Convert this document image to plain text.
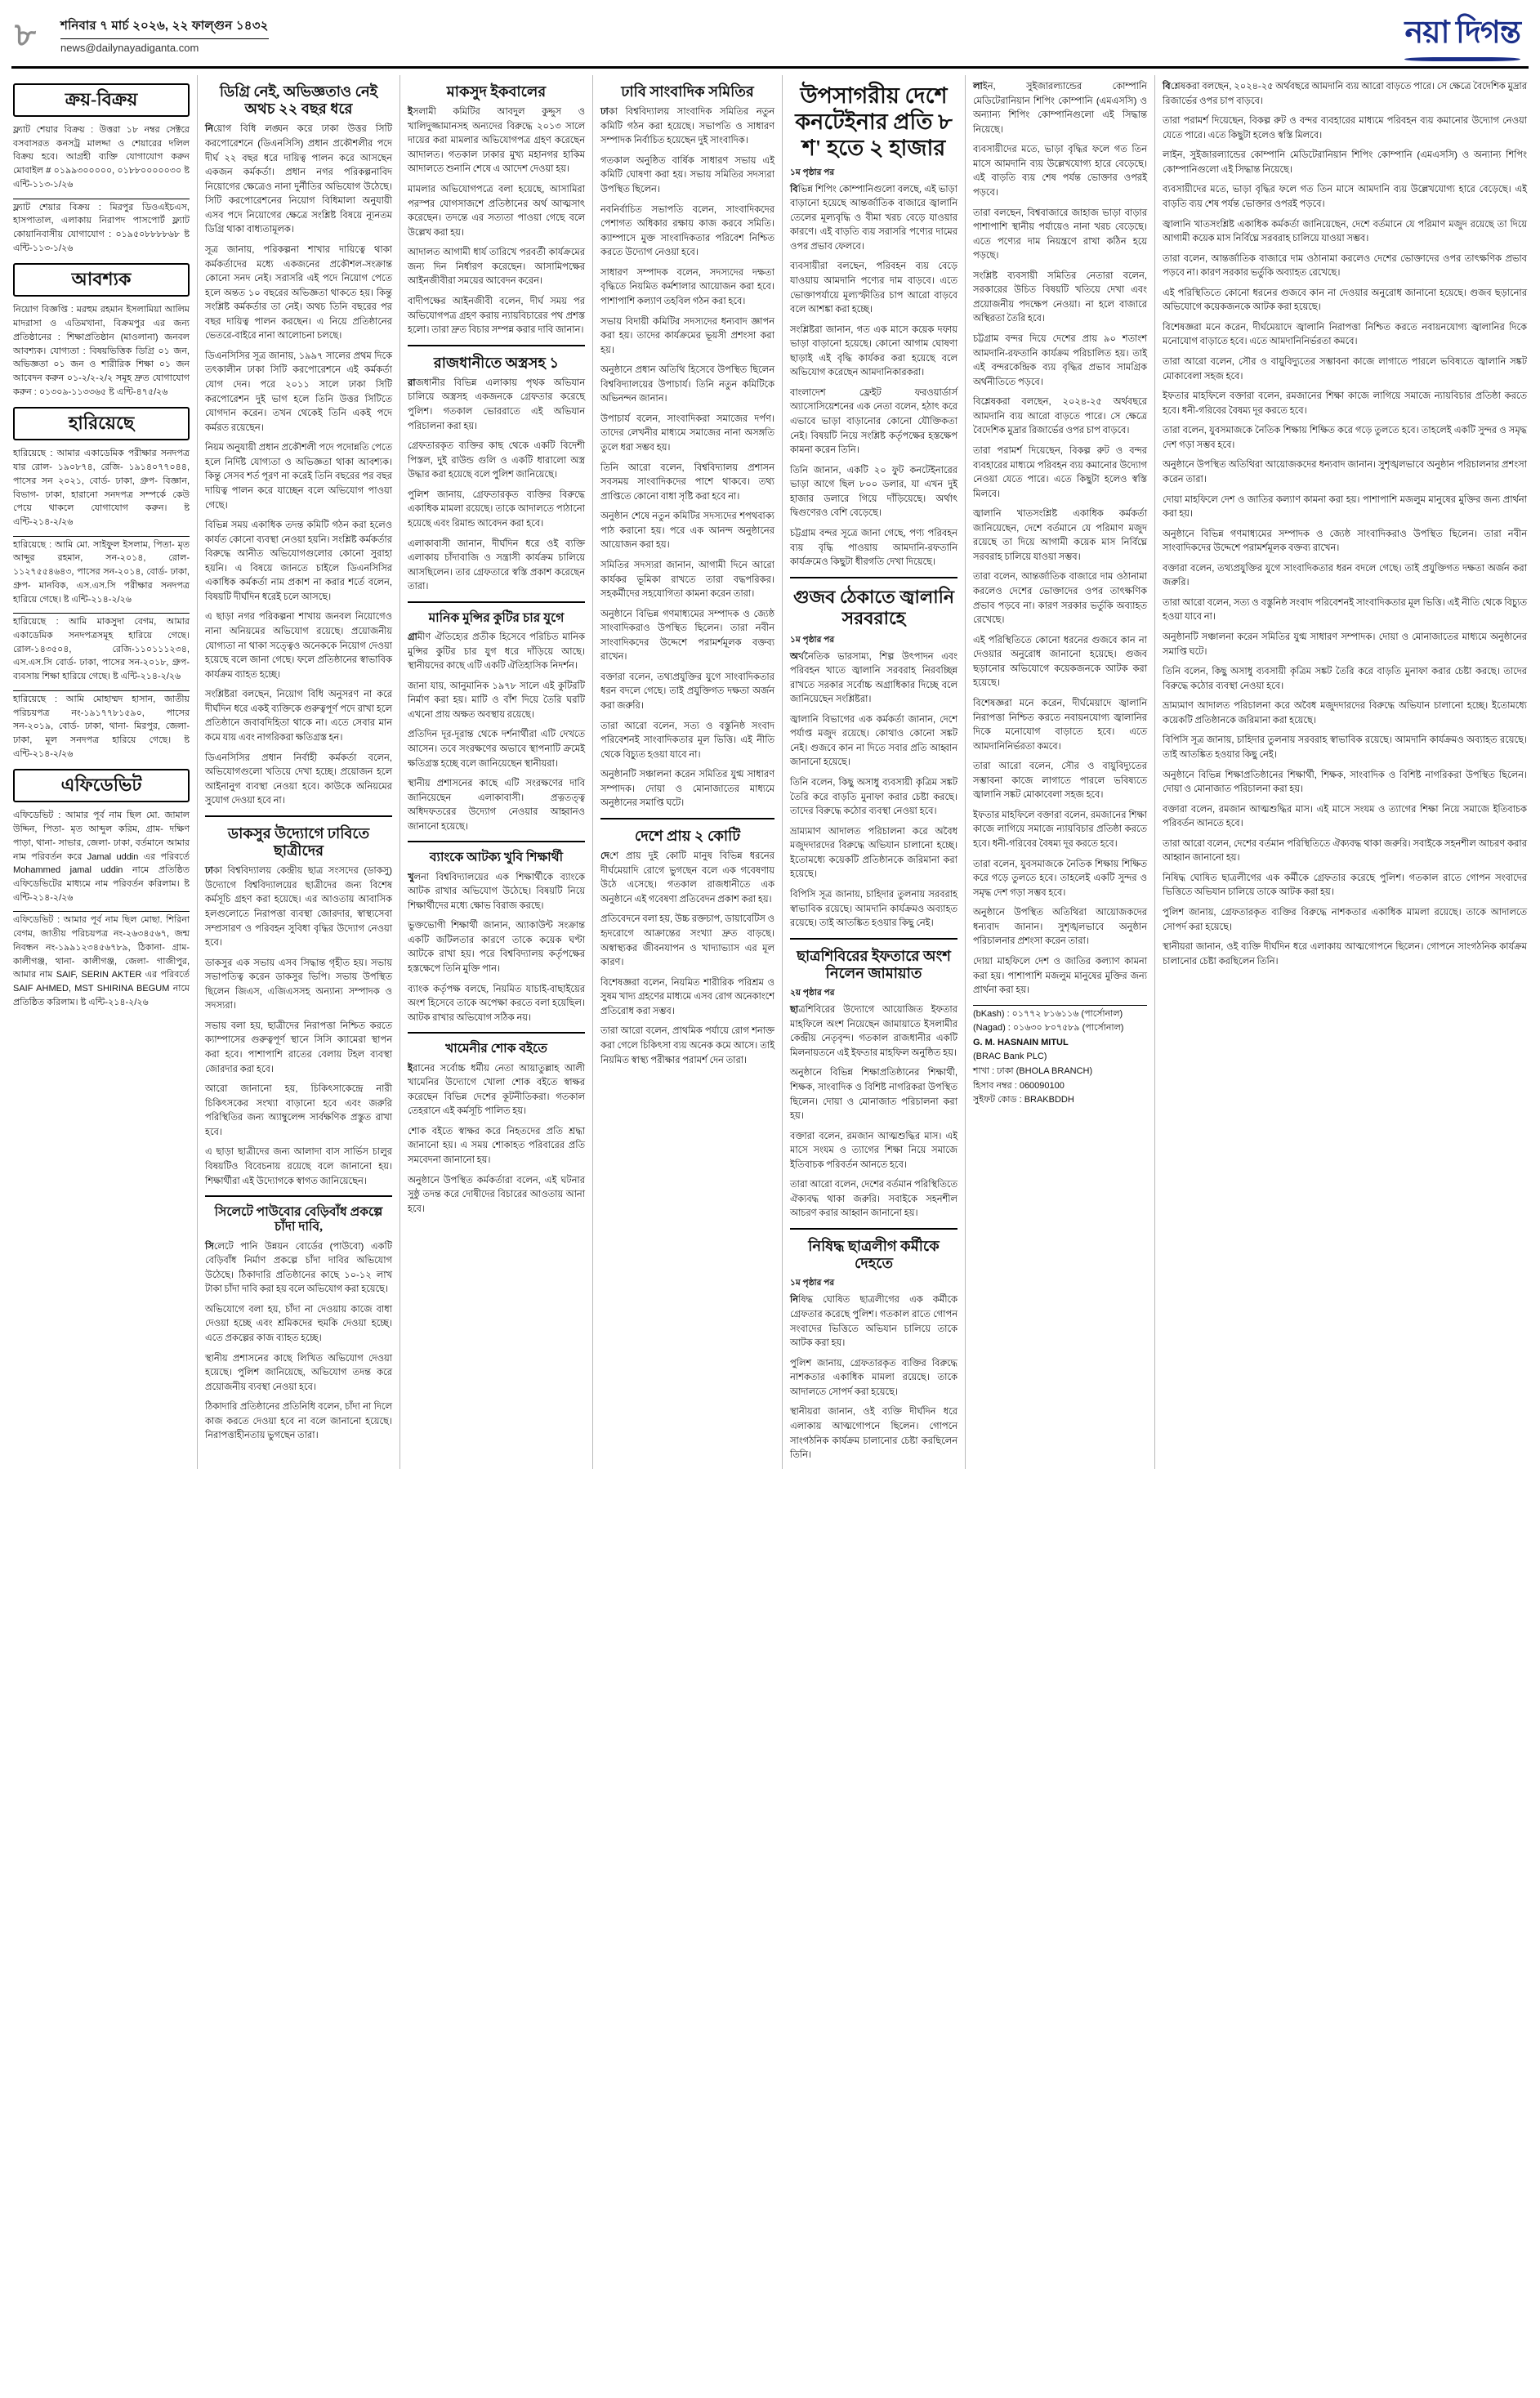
৮	শনিবার ৭ মার্চ ২০২৬, ২২ ফাল্গুন ১৪৩২
news@dailynayadiganta.com	নয়া দিগন্ত
ক্রয়-বিক্রয়
ফ্ল্যাট শেয়ার বিক্রয় : উত্তরা ১৮ নম্বর সেক্টরে বসবাসরত কনসট্র মালদ্দা ও শেয়ারের দলিল বিক্রয় হবে। আগ্রহী ব্যক্তি যোগাযোগ করুন মোবাইল # ০১৯৯৩০০০০০, ০১৮৮০০০০০৩০ ষ্ট এন্টি-১১৩-১/২৬
ফ্ল্যাট শেয়ার বিক্রয় : মিরপুর ডিওএইচএস, হাসপাতাল, এলাকায় নিরাপদ পাসপোর্ট ফ্ল্যাট কোয়ানিবাসীয় যোগাযোগ : ০১৯৫০৮৮৮৮৬৮ ষ্ট এন্টি-১১৩-১/২৬
আবশ্যক
নিয়োগ বিজ্ঞপ্তি : মরহুম রহমান ইসলামিয়া আলিম মাদরাসা ও এতিমখানা, বিক্রমপুর এর জন্য প্রতিষ্ঠানের : শিক্ষাপ্রতিষ্ঠান (মাওলানা) জনবল আবশ্যক। যোগ্যতা : বিষয়ভিত্তিক ডিগ্রি ০১ জন, অভিজ্ঞতা ০১ জন ও শারীরিক শিক্ষা ০১ জন আবেদন করুন ০১-২/২-২/২ সমূহ দ্রুত যোগাযোগ করুন : ০১৩০৯-১১৩৩৬৫ ষ্ট এন্টি-৪৭৫/২৬
হারিয়েছে
হারিয়েছে : আমার একাডেমিক পরীক্ষার সনদপত্র যার রোল- ১৯০৮৭৪, রেজি- ১৯১৪০৭৭০৪৪, পাসের সন ২০২১, বোর্ড- ঢাকা, গ্রুপ- বিজ্ঞান, বিভাগ- ঢাকা, হারানো সনদপত্র সম্পর্কে কেউ পেয়ে থাকলে যোগাযোগ করুন। ষ্ট এন্টি-২১৪-২/২৬
হারিয়েছে : আমি মো. সাইফুল ইসলাম, পিতা- মৃত আব্দুর রহমান, সন-২০১৪, রোল- ১১২৭৫৫৪৬৪৩, পাসের সন-২০১৪, বোর্ড- ঢাকা, গ্রুপ- মানবিক, এস.এস.সি পরীক্ষার সনদপত্র হারিয়ে গেছে। ষ্ট এন্টি-২১৪-২/২৬
হারিয়েছে : আমি মাকসুদা বেগম, আমার একাডেমিক সনদপত্রসমূহ হারিয়ে গেছে। রোল-১৪৩৫০৪, রেজি-১১০১১১২৩৪, এস.এস.সি বোর্ড- ঢাকা, পাসের সন-২০১৮, গ্রুপ- ব্যবসায় শিক্ষা হারিয়ে গেছে। ষ্ট এন্টি-২১৪-২/২৬
হারিয়েছে : আমি মোহাম্মদ হাসান, জাতীয় পরিচয়পত্র নং-১৯১৭৭৮১৫৯০, পাসের সন-২০১৯, বোর্ড- ঢাকা, থানা- মিরপুর, জেলা- ঢাকা, মূল সনদপত্র হারিয়ে গেছে। ষ্ট এন্টি-২১৪-২/২৬
এফিডেভিট
এফিডেভিট : আমার পূর্ব নাম ছিল মো. জামাল উদ্দিন, পিতা- মৃত আব্দুল করিম, গ্রাম- দক্ষিণ পাড়া, থানা- সাভার, জেলা- ঢাকা, বর্তমানে আমার নাম পরিবর্তন করে Jamal uddin এর পরিবর্তে Mohammed jamal uddin নামে প্রতিষ্ঠিত এফিডেভিটের মাধ্যমে নাম পরিবর্তন করিলাম। ষ্ট এন্টি-২১৪-২/২৬
এফিডেভিট : আমার পূর্ব নাম ছিল মোছা. শিরিনা বেগম, জাতীয় পরিচয়পত্র নং-২৬৩৪৫৬৭, জন্ম নিবন্ধন নং-১৯৯১২৩৪৫৬৭৮৯, ঠিকানা- গ্রাম- কালীগঞ্জ, থানা- কালীগঞ্জ, জেলা- গাজীপুর, আমার নাম SAIF, SERIN AKTER এর পরিবর্তে SAIF AHMED, MST SHIRINA BEGUM নামে প্রতিষ্ঠিত করিলাম। ষ্ট এন্টি-২১৪-২/২৬
ডিগ্রি নেই, অভিজ্ঞতাও নেই অথচ ২২ বছর ধরে
নিয়োগ বিধি লঙ্ঘন করে ঢাকা উত্তর সিটি করপোরেশনে (ডিএনসিসি) প্রধান প্রকৌশলীর পদে দীর্ঘ ২২ বছর ধরে দায়িত্ব পালন করে আসছেন একজন কর্মকর্তা। প্রধান নগর পরিকল্পনাবিদ নিয়োগের ক্ষেত্রেও নানা দুর্নীতির অভিযোগ উঠেছে। সিটি করপোরেশনের নিয়োগ বিধিমালা অনুযায়ী এসব পদে নিয়োগের ক্ষেত্রে সংশ্লিষ্ট বিষয়ে ন্যূনতম ডিগ্রি থাকা বাধ্যতামূলক।
সূত্র জানায়, পরিকল্পনা শাখার দায়িত্বে থাকা কর্মকর্তাদের মধ্যে একজনের প্রকৌশল-সংক্রান্ত কোনো সনদ নেই। সরাসরি এই পদে নিয়োগ পেতে হলে অন্তত ১০ বছরের অভিজ্ঞতা থাকতে হয়। কিন্তু সংশ্লিষ্ট কর্মকর্তার তা নেই। অথচ তিনি বছরের পর বছর দায়িত্ব পালন করছেন। এ নিয়ে প্রতিষ্ঠানের ভেতরে-বাইরে নানা আলোচনা চলছে।
ডিএনসিসির সূত্র জানায়, ১৯৯৭ সালের প্রথম দিকে তৎকালীন ঢাকা সিটি করপোরেশনে এই কর্মকর্তা যোগ দেন। পরে ২০১১ সালে ঢাকা সিটি করপোরেশন দুই ভাগ হলে তিনি উত্তর সিটিতে যোগদান করেন। তখন থেকেই তিনি একই পদে কর্মরত রয়েছেন।
নিয়ম অনুযায়ী প্রধান প্রকৌশলী পদে পদোন্নতি পেতে হলে নির্দিষ্ট যোগ্যতা ও অভিজ্ঞতা থাকা আবশ্যক। কিন্তু সেসব শর্ত পূরণ না করেই তিনি বছরের পর বছর দায়িত্ব পালন করে যাচ্ছেন বলে অভিযোগ পাওয়া গেছে।
বিভিন্ন সময় একাধিক তদন্ত কমিটি গঠন করা হলেও কার্যত কোনো ব্যবস্থা নেওয়া হয়নি। সংশ্লিষ্ট কর্মকর্তার বিরুদ্ধে আনীত অভিযোগগুলোর কোনো সুরাহা হয়নি। এ বিষয়ে জানতে চাইলে ডিএনসিসির একাধিক কর্মকর্তা নাম প্রকাশ না করার শর্তে বলেন, বিষয়টি দীর্ঘদিন ধরেই চলে আসছে।
এ ছাড়া নগর পরিকল্পনা শাখায় জনবল নিয়োগেও নানা অনিয়মের অভিযোগ রয়েছে। প্রয়োজনীয় যোগ্যতা না থাকা সত্ত্বেও অনেককে নিয়োগ দেওয়া হয়েছে বলে জানা গেছে। ফলে প্রতিষ্ঠানের স্বাভাবিক কার্যক্রম ব্যাহত হচ্ছে।
সংশ্লিষ্টরা বলছেন, নিয়োগ বিধি অনুসরণ না করে দীর্ঘদিন ধরে একই ব্যক্তিকে গুরুত্বপূর্ণ পদে রাখা হলে প্রতিষ্ঠানে জবাবদিহিতা থাকে না। এতে সেবার মান কমে যায় এবং নাগরিকরা ক্ষতিগ্রস্ত হন।
ডিএনসিসির প্রধান নির্বাহী কর্মকর্তা বলেন, অভিযোগগুলো খতিয়ে দেখা হচ্ছে। প্রয়োজন হলে আইনানুগ ব্যবস্থা নেওয়া হবে। কাউকে অনিয়মের সুযোগ দেওয়া হবে না।
ডাকসুর উদ্যোগে ঢাবিতে ছাত্রীদের
ঢাকা বিশ্ববিদ্যালয় কেন্দ্রীয় ছাত্র সংসদের (ডাকসু) উদ্যোগে বিশ্ববিদ্যালয়ের ছাত্রীদের জন্য বিশেষ কর্মসূচি গ্রহণ করা হয়েছে। এর আওতায় আবাসিক হলগুলোতে নিরাপত্তা ব্যবস্থা জোরদার, স্বাস্থ্যসেবা সম্প্রসারণ ও পরিবহন সুবিধা বৃদ্ধির উদ্যোগ নেওয়া হবে।
ডাকসুর এক সভায় এসব সিদ্ধান্ত গৃহীত হয়। সভায় সভাপতিত্ব করেন ডাকসুর ভিপি। সভায় উপস্থিত ছিলেন জিএস, এজিএসসহ অন্যান্য সম্পাদক ও সদস্যরা।
সভায় বলা হয়, ছাত্রীদের নিরাপত্তা নিশ্চিত করতে ক্যাম্পাসের গুরুত্বপূর্ণ স্থানে সিসি ক্যামেরা স্থাপন করা হবে। পাশাপাশি রাতের বেলায় টহল ব্যবস্থা জোরদার করা হবে।
আরো জানানো হয়, চিকিৎসাকেন্দ্রে নারী চিকিৎসকের সংখ্যা বাড়ানো হবে এবং জরুরি পরিস্থিতির জন্য অ্যাম্বুলেন্স সার্বক্ষণিক প্রস্তুত রাখা হবে।
এ ছাড়া ছাত্রীদের জন্য আলাদা বাস সার্ভিস চালুর বিষয়টিও বিবেচনায় রয়েছে বলে জানানো হয়। শিক্ষার্থীরা এই উদ্যোগকে স্বাগত জানিয়েছেন।
সিলেটে পাউবোর বেড়িবাঁধ প্রকল্পে চাঁদা দাবি,
সিলেটে পানি উন্নয়ন বোর্ডের (পাউবো) একটি বেড়িবাঁধ নির্মাণ প্রকল্পে চাঁদা দাবির অভিযোগ উঠেছে। ঠিকাদারি প্রতিষ্ঠানের কাছে ১০-১২ লাখ টাকা চাঁদা দাবি করা হয় বলে অভিযোগ করা হয়েছে।
অভিযোগে বলা হয়, চাঁদা না দেওয়ায় কাজে বাধা দেওয়া হচ্ছে এবং শ্রমিকদের হুমকি দেওয়া হচ্ছে। এতে প্রকল্পের কাজ ব্যাহত হচ্ছে।
স্থানীয় প্রশাসনের কাছে লিখিত অভিযোগ দেওয়া হয়েছে। পুলিশ জানিয়েছে, অভিযোগ তদন্ত করে প্রয়োজনীয় ব্যবস্থা নেওয়া হবে।
ঠিকাদারি প্রতিষ্ঠানের প্রতিনিধি বলেন, চাঁদা না দিলে কাজ করতে দেওয়া হবে না বলে জানানো হয়েছে। নিরাপত্তাহীনতায় ভুগছেন তারা।
মাকসুদ ইকবালের
ইসলামী কমিটির আবদুল কুদ্দুস ও খালিদুজ্জামানসহ অন্যদের বিরুদ্ধে ২০১৩ সালে দায়ের করা মামলার অভিযোগপত্র গ্রহণ করেছেন আদালত। গতকাল ঢাকার মুখ্য মহানগর হাকিম আদালতে শুনানি শেষে এ আদেশ দেওয়া হয়।
মামলার অভিযোগপত্রে বলা হয়েছে, আসামিরা পরস্পর যোগসাজশে প্রতিষ্ঠানের অর্থ আত্মসাৎ করেছেন। তদন্তে এর সত্যতা পাওয়া গেছে বলে উল্লেখ করা হয়।
আদালত আগামী ধার্য তারিখে পরবর্তী কার্যক্রমের জন্য দিন নির্ধারণ করেছেন। আসামিপক্ষের আইনজীবীরা সময়ের আবেদন করেন।
বাদীপক্ষের আইনজীবী বলেন, দীর্ঘ সময় পর অভিযোগপত্র গ্রহণ করায় ন্যায়বিচারের পথ প্রশস্ত হলো। তারা দ্রুত বিচার সম্পন্ন করার দাবি জানান।
রাজধানীতে অস্ত্রসহ ১
রাজধানীর বিভিন্ন এলাকায় পৃথক অভিযান চালিয়ে অস্ত্রসহ একজনকে গ্রেফতার করেছে পুলিশ। গতকাল ভোররাতে এই অভিযান পরিচালনা করা হয়।
গ্রেফতারকৃত ব্যক্তির কাছ থেকে একটি বিদেশী পিস্তল, দুই রাউন্ড গুলি ও একটি ধারালো অস্ত্র উদ্ধার করা হয়েছে বলে পুলিশ জানিয়েছে।
পুলিশ জানায়, গ্রেফতারকৃত ব্যক্তির বিরুদ্ধে একাধিক মামলা রয়েছে। তাকে আদালতে পাঠানো হয়েছে এবং রিমান্ড আবেদন করা হবে।
এলাকাবাসী জানান, দীর্ঘদিন ধরে ওই ব্যক্তি এলাকায় চাঁদাবাজি ও সন্ত্রাসী কার্যক্রম চালিয়ে আসছিলেন। তার গ্রেফতারে স্বস্তি প্রকাশ করেছেন তারা।
মানিক মুন্সির কুটির চার যুগে
গ্রামীণ ঐতিহ্যের প্রতীক হিসেবে পরিচিত মানিক মুন্সির কুটির চার যুগ ধরে দাঁড়িয়ে আছে। স্থানীয়দের কাছে এটি একটি ঐতিহাসিক নিদর্শন।
জানা যায়, আনুমানিক ১৯৭৮ সালে এই কুটিরটি নির্মাণ করা হয়। মাটি ও বাঁশ দিয়ে তৈরি ঘরটি এখনো প্রায় অক্ষত অবস্থায় রয়েছে।
প্রতিদিন দূর-দূরান্ত থেকে দর্শনার্থীরা এটি দেখতে আসেন। তবে সংরক্ষণের অভাবে স্থাপনাটি ক্রমেই ক্ষতিগ্রস্ত হচ্ছে বলে জানিয়েছেন স্থানীয়রা।
স্থানীয় প্রশাসনের কাছে এটি সংরক্ষণের দাবি জানিয়েছেন এলাকাবাসী। প্রত্নতত্ত্ব অধিদফতরের উদ্যোগ নেওয়ার আহ্বানও জানানো হয়েছে।
ব্যাংকে আটক্য খুবি শিক্ষার্থী
খুলনা বিশ্ববিদ্যালয়ের এক শিক্ষার্থীকে ব্যাংকে আটক রাখার অভিযোগ উঠেছে। বিষয়টি নিয়ে শিক্ষার্থীদের মধ্যে ক্ষোভ বিরাজ করছে।
ভুক্তভোগী শিক্ষার্থী জানান, অ্যাকাউন্ট সংক্রান্ত একটি জটিলতার কারণে তাকে কয়েক ঘণ্টা আটকে রাখা হয়। পরে বিশ্ববিদ্যালয় কর্তৃপক্ষের হস্তক্ষেপে তিনি মুক্তি পান।
ব্যাংক কর্তৃপক্ষ বলছে, নিয়মিত যাচাই-বাছাইয়ের অংশ হিসেবে তাকে অপেক্ষা করতে বলা হয়েছিল। আটক রাখার অভিযোগ সঠিক নয়।
খামেনীর শোক বইতে
ইরানের সর্বোচ্চ ধর্মীয় নেতা আয়াতুল্লাহ আলী খামেনির উদ্যোগে খোলা শোক বইতে স্বাক্ষর করেছেন বিভিন্ন দেশের কূটনীতিকরা। গতকাল তেহরানে এই কর্মসূচি পালিত হয়।
শোক বইতে স্বাক্ষর করে নিহতদের প্রতি শ্রদ্ধা জানানো হয়। এ সময় শোকাহত পরিবারের প্রতি সমবেদনা জানানো হয়।
অনুষ্ঠানে উপস্থিত কর্মকর্তারা বলেন, এই ঘটনার সুষ্ঠু তদন্ত করে দোষীদের বিচারের আওতায় আনা হবে।
ঢাবি সাংবাদিক সমিতির
ঢাকা বিশ্ববিদ্যালয় সাংবাদিক সমিতির নতুন কমিটি গঠন করা হয়েছে। সভাপতি ও সাধারণ সম্পাদক নির্বাচিত হয়েছেন দুই সাংবাদিক।
গতকাল অনুষ্ঠিত বার্ষিক সাধারণ সভায় এই কমিটি ঘোষণা করা হয়। সভায় সমিতির সদস্যরা উপস্থিত ছিলেন।
নবনির্বাচিত সভাপতি বলেন, সাংবাদিকদের পেশাগত অধিকার রক্ষায় কাজ করবে সমিতি। ক্যাম্পাসে মুক্ত সাংবাদিকতার পরিবেশ নিশ্চিত করতে উদ্যোগ নেওয়া হবে।
সাধারণ সম্পাদক বলেন, সদস্যদের দক্ষতা বৃদ্ধিতে নিয়মিত কর্মশালার আয়োজন করা হবে। পাশাপাশি কল্যাণ তহবিল গঠন করা হবে।
সভায় বিদায়ী কমিটির সদস্যদের ধন্যবাদ জ্ঞাপন করা হয়। তাদের কার্যক্রমের ভূয়সী প্রশংসা করা হয়।
অনুষ্ঠানে প্রধান অতিথি হিসেবে উপস্থিত ছিলেন বিশ্ববিদ্যালয়ের উপাচার্য। তিনি নতুন কমিটিকে অভিনন্দন জানান।
উপাচার্য বলেন, সাংবাদিকরা সমাজের দর্পণ। তাদের লেখনীর মাধ্যমে সমাজের নানা অসঙ্গতি তুলে ধরা সম্ভব হয়।
তিনি আরো বলেন, বিশ্ববিদ্যালয় প্রশাসন সবসময় সাংবাদিকদের পাশে থাকবে। তথ্য প্রাপ্তিতে কোনো বাধা সৃষ্টি করা হবে না।
অনুষ্ঠান শেষে নতুন কমিটির সদস্যদের শপথবাক্য পাঠ করানো হয়। পরে এক আনন্দ অনুষ্ঠানের আয়োজন করা হয়।
সমিতির সদস্যরা জানান, আগামী দিনে আরো কার্যকর ভূমিকা রাখতে তারা বদ্ধপরিকর। সহকর্মীদের সহযোগিতা কামনা করেন তারা।
অনুষ্ঠানে বিভিন্ন গণমাধ্যমের সম্পাদক ও জ্যেষ্ঠ সাংবাদিকরাও উপস্থিত ছিলেন। তারা নবীন সাংবাদিকদের উদ্দেশে পরামর্শমূলক বক্তব্য রাখেন।
বক্তারা বলেন, তথ্যপ্রযুক্তির যুগে সাংবাদিকতার ধরন বদলে গেছে। তাই প্রযুক্তিগত দক্ষতা অর্জন করা জরুরি।
তারা আরো বলেন, সত্য ও বস্তুনিষ্ঠ সংবাদ পরিবেশনই সাংবাদিকতার মূল ভিত্তি। এই নীতি থেকে বিচ্যুত হওয়া যাবে না।
অনুষ্ঠানটি সঞ্চালনা করেন সমিতির যুগ্ম সাধারণ সম্পাদক। দোয়া ও মোনাজাতের মাধ্যমে অনুষ্ঠানের সমাপ্তি ঘটে।
দেশে প্রায় ২ কোটি
দেশে প্রায় দুই কোটি মানুষ বিভিন্ন ধরনের দীর্ঘমেয়াদি রোগে ভুগছেন বলে এক গবেষণায় উঠে এসেছে। গতকাল রাজধানীতে এক অনুষ্ঠানে এই গবেষণা প্রতিবেদন প্রকাশ করা হয়।
প্রতিবেদনে বলা হয়, উচ্চ রক্তচাপ, ডায়াবেটিস ও হৃদরোগে আক্রান্তের সংখ্যা দ্রুত বাড়ছে। অস্বাস্থ্যকর জীবনযাপন ও খাদ্যাভ্যাস এর মূল কারণ।
বিশেষজ্ঞরা বলেন, নিয়মিত শারীরিক পরিশ্রম ও সুষম খাদ্য গ্রহণের মাধ্যমে এসব রোগ অনেকাংশে প্রতিরোধ করা সম্ভব।
তারা আরো বলেন, প্রাথমিক পর্যায়ে রোগ শনাক্ত করা গেলে চিকিৎসা ব্যয় অনেক কমে আসে। তাই নিয়মিত স্বাস্থ্য পরীক্ষার পরামর্শ দেন তারা।
উপসাগরীয় দেশে কনটেইনার প্রতি ৮ শ' হতে ২ হাজার
১ম পৃষ্ঠার পর
বিভিন্ন শিপিং কোম্পানিগুলো বলছে, এই ভাড়া বাড়ানো হয়েছে আন্তর্জাতিক বাজারে জ্বালানি তেলের মূল্যবৃদ্ধি ও বীমা খরচ বেড়ে যাওয়ার কারণে। এই বাড়তি ব্যয় সরাসরি পণ্যের দামের ওপর প্রভাব ফেলবে।
ব্যবসায়ীরা বলছেন, পরিবহন ব্যয় বেড়ে যাওয়ায় আমদানি পণ্যের দাম বাড়বে। এতে ভোক্তাপর্যায়ে মূল্যস্ফীতির চাপ আরো বাড়বে বলে আশঙ্কা করা হচ্ছে।
সংশ্লিষ্টরা জানান, গত এক মাসে কয়েক দফায় ভাড়া বাড়ানো হয়েছে। কোনো আগাম ঘোষণা ছাড়াই এই বৃদ্ধি কার্যকর করা হয়েছে বলে অভিযোগ করেছেন আমদানিকারকরা।
বাংলাদেশ ফ্রেইট ফরওয়ার্ডার্স অ্যাসোসিয়েশনের এক নেতা বলেন, হঠাৎ করে এভাবে ভাড়া বাড়ানোর কোনো যৌক্তিকতা নেই। বিষয়টি নিয়ে সংশ্লিষ্ট কর্তৃপক্ষের হস্তক্ষেপ কামনা করেন তিনি।
তিনি জানান, একটি ২০ ফুট কনটেইনারের ভাড়া আগে ছিল ৮০০ ডলার, যা এখন দুই হাজার ডলারে গিয়ে দাঁড়িয়েছে। অর্থাৎ দ্বিগুণেরও বেশি বেড়েছে।
চট্টগ্রাম বন্দর সূত্রে জানা গেছে, পণ্য পরিবহন ব্যয় বৃদ্ধি পাওয়ায় আমদানি-রফতানি কার্যক্রমেও কিছুটা ধীরগতি দেখা দিয়েছে।
গুজব ঠেকাতে জ্বালানি সরবরাহে
১ম পৃষ্ঠার পর
অর্থনৈতিক ভারসাম্য, শিল্প উৎপাদন এবং পরিবহন খাতে জ্বালানি সরবরাহ নিরবচ্ছিন্ন রাখতে সরকার সর্বোচ্চ অগ্রাধিকার দিচ্ছে বলে জানিয়েছেন সংশ্লিষ্টরা।
জ্বালানি বিভাগের এক কর্মকর্তা জানান, দেশে পর্যাপ্ত মজুদ রয়েছে। কোথাও কোনো সঙ্কট নেই। গুজবে কান না দিতে সবার প্রতি আহ্বান জানানো হয়েছে।
তিনি বলেন, কিছু অসাধু ব্যবসায়ী কৃত্রিম সঙ্কট তৈরি করে বাড়তি মুনাফা করার চেষ্টা করছে। তাদের বিরুদ্ধে কঠোর ব্যবস্থা নেওয়া হবে।
ভ্রাম্যমাণ আদালত পরিচালনা করে অবৈধ মজুদদারদের বিরুদ্ধে অভিযান চালানো হচ্ছে। ইতোমধ্যে কয়েকটি প্রতিষ্ঠানকে জরিমানা করা হয়েছে।
বিপিসি সূত্র জানায়, চাহিদার তুলনায় সরবরাহ স্বাভাবিক রয়েছে। আমদানি কার্যক্রমও অব্যাহত রয়েছে। তাই আতঙ্কিত হওয়ার কিছু নেই।
ছাত্রশিবিরের ইফতারে অংশ নিলেন জামায়াত
২য় পৃষ্ঠার পর
ছাত্রশিবিরের উদ্যোগে আয়োজিত ইফতার মাহফিলে অংশ নিয়েছেন জামায়াতে ইসলামীর কেন্দ্রীয় নেতৃবৃন্দ। গতকাল রাজধানীর একটি মিলনায়তনে এই ইফতার মাহফিল অনুষ্ঠিত হয়।
অনুষ্ঠানে বিভিন্ন শিক্ষাপ্রতিষ্ঠানের শিক্ষার্থী, শিক্ষক, সাংবাদিক ও বিশিষ্ট নাগরিকরা উপস্থিত ছিলেন। দোয়া ও মোনাজাত পরিচালনা করা হয়।
বক্তারা বলেন, রমজান আত্মশুদ্ধির মাস। এই মাসে সংযম ও ত্যাগের শিক্ষা নিয়ে সমাজে ইতিবাচক পরিবর্তন আনতে হবে।
তারা আরো বলেন, দেশের বর্তমান পরিস্থিতিতে ঐক্যবদ্ধ থাকা জরুরি। সবাইকে সহনশীল আচরণ করার আহ্বান জানানো হয়।
নিষিদ্ধ ছাত্রলীগ কর্মীকে দেহতে
১ম পৃষ্ঠার পর
নিষিদ্ধ ঘোষিত ছাত্রলীগের এক কর্মীকে গ্রেফতার করেছে পুলিশ। গতকাল রাতে গোপন সংবাদের ভিত্তিতে অভিযান চালিয়ে তাকে আটক করা হয়।
পুলিশ জানায়, গ্রেফতারকৃত ব্যক্তির বিরুদ্ধে নাশকতার একাধিক মামলা রয়েছে। তাকে আদালতে সোপর্দ করা হয়েছে।
স্থানীয়রা জানান, ওই ব্যক্তি দীর্ঘদিন ধরে এলাকায় আত্মগোপনে ছিলেন। গোপনে সাংগঠনিক কার্যক্রম চালানোর চেষ্টা করছিলেন তিনি।
লাইন, সুইজারল্যান্ডের কোম্পানি মেডিটেরানিয়ান শিপিং কোম্পানি (এমএসসি) ও অন্যান্য শিপিং কোম্পানিগুলো এই সিদ্ধান্ত নিয়েছে।
ব্যবসায়ীদের মতে, ভাড়া বৃদ্ধির ফলে গত তিন মাসে আমদানি ব্যয় উল্লেখযোগ্য হারে বেড়েছে। এই বাড়তি ব্যয় শেষ পর্যন্ত ভোক্তার ওপরই পড়বে।
তারা বলছেন, বিশ্ববাজারে জাহাজ ভাড়া বাড়ার পাশাপাশি স্থানীয় পর্যায়েও নানা খরচ বেড়েছে। এতে পণ্যের দাম নিয়ন্ত্রণে রাখা কঠিন হয়ে পড়ছে।
সংশ্লিষ্ট ব্যবসায়ী সমিতির নেতারা বলেন, সরকারের উচিত বিষয়টি খতিয়ে দেখা এবং প্রয়োজনীয় পদক্ষেপ নেওয়া। না হলে বাজারে অস্থিরতা তৈরি হবে।
চট্টগ্রাম বন্দর দিয়ে দেশের প্রায় ৯০ শতাংশ আমদানি-রফতানি কার্যক্রম পরিচালিত হয়। তাই এই বন্দরকেন্দ্রিক ব্যয় বৃদ্ধির প্রভাব সামগ্রিক অর্থনীতিতে পড়বে।
বিশ্লেষকরা বলছেন, ২০২৪-২৫ অর্থবছরে আমদানি ব্যয় আরো বাড়তে পারে। সে ক্ষেত্রে বৈদেশিক মুদ্রার রিজার্ভের ওপর চাপ বাড়বে।
তারা পরামর্শ দিয়েছেন, বিকল্প রুট ও বন্দর ব্যবহারের মাধ্যমে পরিবহন ব্যয় কমানোর উদ্যোগ নেওয়া যেতে পারে। এতে কিছুটা হলেও স্বস্তি মিলবে।
জ্বালানি খাতসংশ্লিষ্ট একাধিক কর্মকর্তা জানিয়েছেন, দেশে বর্তমানে যে পরিমাণ মজুদ রয়েছে তা দিয়ে আগামী কয়েক মাস নির্বিঘ্নে সরবরাহ চালিয়ে যাওয়া সম্ভব।
তারা বলেন, আন্তর্জাতিক বাজারে দাম ওঠানামা করলেও দেশের ভোক্তাদের ওপর তাৎক্ষণিক প্রভাব পড়বে না। কারণ সরকার ভর্তুকি অব্যাহত রেখেছে।
এই পরিস্থিতিতে কোনো ধরনের গুজবে কান না দেওয়ার অনুরোধ জানানো হয়েছে। গুজব ছড়ানোর অভিযোগে কয়েকজনকে আটক করা হয়েছে।
বিশেষজ্ঞরা মনে করেন, দীর্ঘমেয়াদে জ্বালানি নিরাপত্তা নিশ্চিত করতে নবায়নযোগ্য জ্বালানির দিকে মনোযোগ বাড়াতে হবে। এতে আমদানিনির্ভরতা কমবে।
তারা আরো বলেন, সৌর ও বায়ুবিদ্যুতের সম্ভাবনা কাজে লাগাতে পারলে ভবিষ্যতে জ্বালানি সঙ্কট মোকাবেলা সহজ হবে।
ইফতার মাহফিলে বক্তারা বলেন, রমজানের শিক্ষা কাজে লাগিয়ে সমাজে ন্যায়বিচার প্রতিষ্ঠা করতে হবে। ধনী-গরিবের বৈষম্য দূর করতে হবে।
তারা বলেন, যুবসমাজকে নৈতিক শিক্ষায় শিক্ষিত করে গড়ে তুলতে হবে। তাহলেই একটি সুন্দর ও সমৃদ্ধ দেশ গড়া সম্ভব হবে।
অনুষ্ঠানে উপস্থিত অতিথিরা আয়োজকদের ধন্যবাদ জানান। সুশৃঙ্খলভাবে অনুষ্ঠান পরিচালনার প্রশংসা করেন তারা।
দোয়া মাহফিলে দেশ ও জাতির কল্যাণ কামনা করা হয়। পাশাপাশি মজলুম মানুষের মুক্তির জন্য প্রার্থনা করা হয়।
(bKash) : ০১৭৭২ ৮১৬১১৬ (পার্সোনাল)
(Nagad) : ০১৬৩০ ৮০৭৫৮৯ (পার্সোনাল)
G. M. HASNAIN MITUL
(BRAC Bank PLC)
শাখা : ঢাকা (BHOLA BRANCH)
হিসাব নম্বর : 060090100
সুইফট কোড : BRAKBDDH
বিশ্লেষকরা বলছেন, ২০২৪-২৫ অর্থবছরে আমদানি ব্যয় আরো বাড়তে পারে। সে ক্ষেত্রে বৈদেশিক মুদ্রার রিজার্ভের ওপর চাপ বাড়বে।
তারা পরামর্শ দিয়েছেন, বিকল্প রুট ও বন্দর ব্যবহারের মাধ্যমে পরিবহন ব্যয় কমানোর উদ্যোগ নেওয়া যেতে পারে। এতে কিছুটা হলেও স্বস্তি মিলবে।
লাইন, সুইজারল্যান্ডের কোম্পানি মেডিটেরানিয়ান শিপিং কোম্পানি (এমএসসি) ও অন্যান্য শিপিং কোম্পানিগুলো এই সিদ্ধান্ত নিয়েছে।
ব্যবসায়ীদের মতে, ভাড়া বৃদ্ধির ফলে গত তিন মাসে আমদানি ব্যয় উল্লেখযোগ্য হারে বেড়েছে। এই বাড়তি ব্যয় শেষ পর্যন্ত ভোক্তার ওপরই পড়বে।
জ্বালানি খাতসংশ্লিষ্ট একাধিক কর্মকর্তা জানিয়েছেন, দেশে বর্তমানে যে পরিমাণ মজুদ রয়েছে তা দিয়ে আগামী কয়েক মাস নির্বিঘ্নে সরবরাহ চালিয়ে যাওয়া সম্ভব।
তারা বলেন, আন্তর্জাতিক বাজারে দাম ওঠানামা করলেও দেশের ভোক্তাদের ওপর তাৎক্ষণিক প্রভাব পড়বে না। কারণ সরকার ভর্তুকি অব্যাহত রেখেছে।
এই পরিস্থিতিতে কোনো ধরনের গুজবে কান না দেওয়ার অনুরোধ জানানো হয়েছে। গুজব ছড়ানোর অভিযোগে কয়েকজনকে আটক করা হয়েছে।
বিশেষজ্ঞরা মনে করেন, দীর্ঘমেয়াদে জ্বালানি নিরাপত্তা নিশ্চিত করতে নবায়নযোগ্য জ্বালানির দিকে মনোযোগ বাড়াতে হবে। এতে আমদানিনির্ভরতা কমবে।
তারা আরো বলেন, সৌর ও বায়ুবিদ্যুতের সম্ভাবনা কাজে লাগাতে পারলে ভবিষ্যতে জ্বালানি সঙ্কট মোকাবেলা সহজ হবে।
ইফতার মাহফিলে বক্তারা বলেন, রমজানের শিক্ষা কাজে লাগিয়ে সমাজে ন্যায়বিচার প্রতিষ্ঠা করতে হবে। ধনী-গরিবের বৈষম্য দূর করতে হবে।
তারা বলেন, যুবসমাজকে নৈতিক শিক্ষায় শিক্ষিত করে গড়ে তুলতে হবে। তাহলেই একটি সুন্দর ও সমৃদ্ধ দেশ গড়া সম্ভব হবে।
অনুষ্ঠানে উপস্থিত অতিথিরা আয়োজকদের ধন্যবাদ জানান। সুশৃঙ্খলভাবে অনুষ্ঠান পরিচালনার প্রশংসা করেন তারা।
দোয়া মাহফিলে দেশ ও জাতির কল্যাণ কামনা করা হয়। পাশাপাশি মজলুম মানুষের মুক্তির জন্য প্রার্থনা করা হয়।
অনুষ্ঠানে বিভিন্ন গণমাধ্যমের সম্পাদক ও জ্যেষ্ঠ সাংবাদিকরাও উপস্থিত ছিলেন। তারা নবীন সাংবাদিকদের উদ্দেশে পরামর্শমূলক বক্তব্য রাখেন।
বক্তারা বলেন, তথ্যপ্রযুক্তির যুগে সাংবাদিকতার ধরন বদলে গেছে। তাই প্রযুক্তিগত দক্ষতা অর্জন করা জরুরি।
তারা আরো বলেন, সত্য ও বস্তুনিষ্ঠ সংবাদ পরিবেশনই সাংবাদিকতার মূল ভিত্তি। এই নীতি থেকে বিচ্যুত হওয়া যাবে না।
অনুষ্ঠানটি সঞ্চালনা করেন সমিতির যুগ্ম সাধারণ সম্পাদক। দোয়া ও মোনাজাতের মাধ্যমে অনুষ্ঠানের সমাপ্তি ঘটে।
তিনি বলেন, কিছু অসাধু ব্যবসায়ী কৃত্রিম সঙ্কট তৈরি করে বাড়তি মুনাফা করার চেষ্টা করছে। তাদের বিরুদ্ধে কঠোর ব্যবস্থা নেওয়া হবে।
ভ্রাম্যমাণ আদালত পরিচালনা করে অবৈধ মজুদদারদের বিরুদ্ধে অভিযান চালানো হচ্ছে। ইতোমধ্যে কয়েকটি প্রতিষ্ঠানকে জরিমানা করা হয়েছে।
বিপিসি সূত্র জানায়, চাহিদার তুলনায় সরবরাহ স্বাভাবিক রয়েছে। আমদানি কার্যক্রমও অব্যাহত রয়েছে। তাই আতঙ্কিত হওয়ার কিছু নেই।
অনুষ্ঠানে বিভিন্ন শিক্ষাপ্রতিষ্ঠানের শিক্ষার্থী, শিক্ষক, সাংবাদিক ও বিশিষ্ট নাগরিকরা উপস্থিত ছিলেন। দোয়া ও মোনাজাত পরিচালনা করা হয়।
বক্তারা বলেন, রমজান আত্মশুদ্ধির মাস। এই মাসে সংযম ও ত্যাগের শিক্ষা নিয়ে সমাজে ইতিবাচক পরিবর্তন আনতে হবে।
তারা আরো বলেন, দেশের বর্তমান পরিস্থিতিতে ঐক্যবদ্ধ থাকা জরুরি। সবাইকে সহনশীল আচরণ করার আহ্বান জানানো হয়।
নিষিদ্ধ ঘোষিত ছাত্রলীগের এক কর্মীকে গ্রেফতার করেছে পুলিশ। গতকাল রাতে গোপন সংবাদের ভিত্তিতে অভিযান চালিয়ে তাকে আটক করা হয়।
পুলিশ জানায়, গ্রেফতারকৃত ব্যক্তির বিরুদ্ধে নাশকতার একাধিক মামলা রয়েছে। তাকে আদালতে সোপর্দ করা হয়েছে।
স্থানীয়রা জানান, ওই ব্যক্তি দীর্ঘদিন ধরে এলাকায় আত্মগোপনে ছিলেন। গোপনে সাংগঠনিক কার্যক্রম চালানোর চেষ্টা করছিলেন তিনি।
